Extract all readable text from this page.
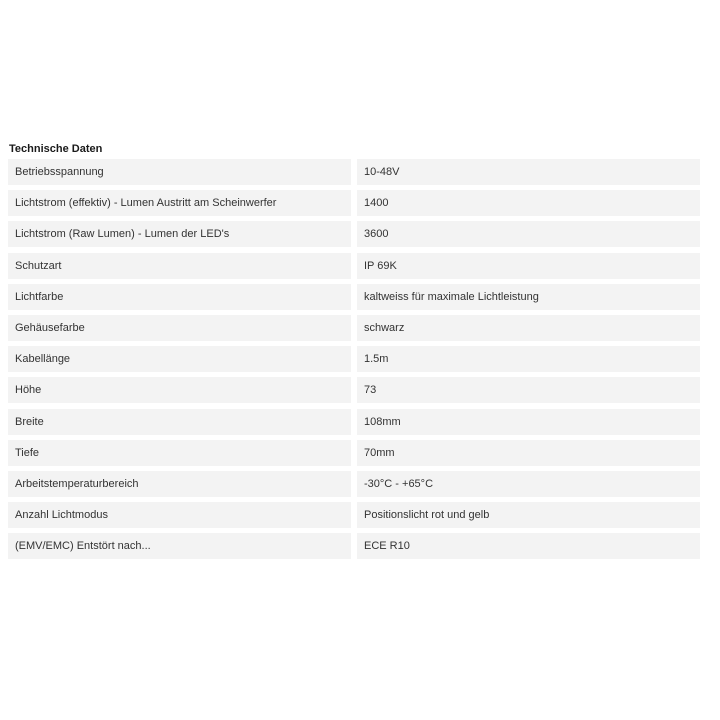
Technische Daten
Betriebsspannung	10-48V
Lichtstrom (effektiv) - Lumen Austritt am Scheinwerfer	1400
Lichtstrom (Raw Lumen) - Lumen der LED's	3600
Schutzart	IP 69K
Lichtfarbe	kaltweiss für maximale Lichtleistung
Gehäusefarbe	schwarz
Kabellänge	1.5m
Höhe	73
Breite	108mm
Tiefe	70mm
Arbeitstemperaturbereich	-30°C - +65°C
Anzahl Lichtmodus	Positionslicht rot und gelb
(EMV/EMC) Entstört nach...	ECE R10
